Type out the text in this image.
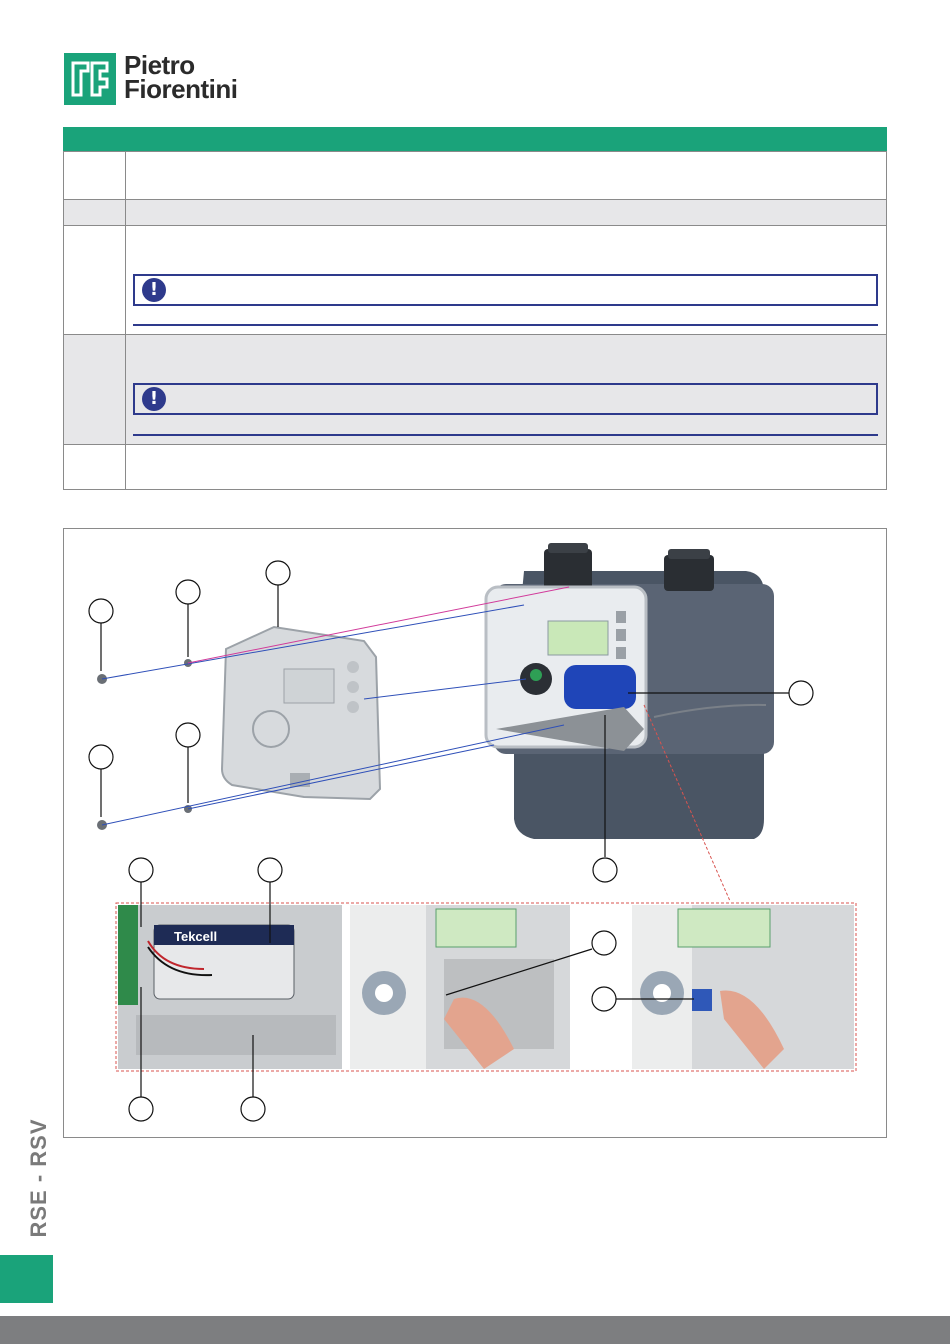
Pietro
Fiorentini
!
!
Tekcell
RSE - RSV
